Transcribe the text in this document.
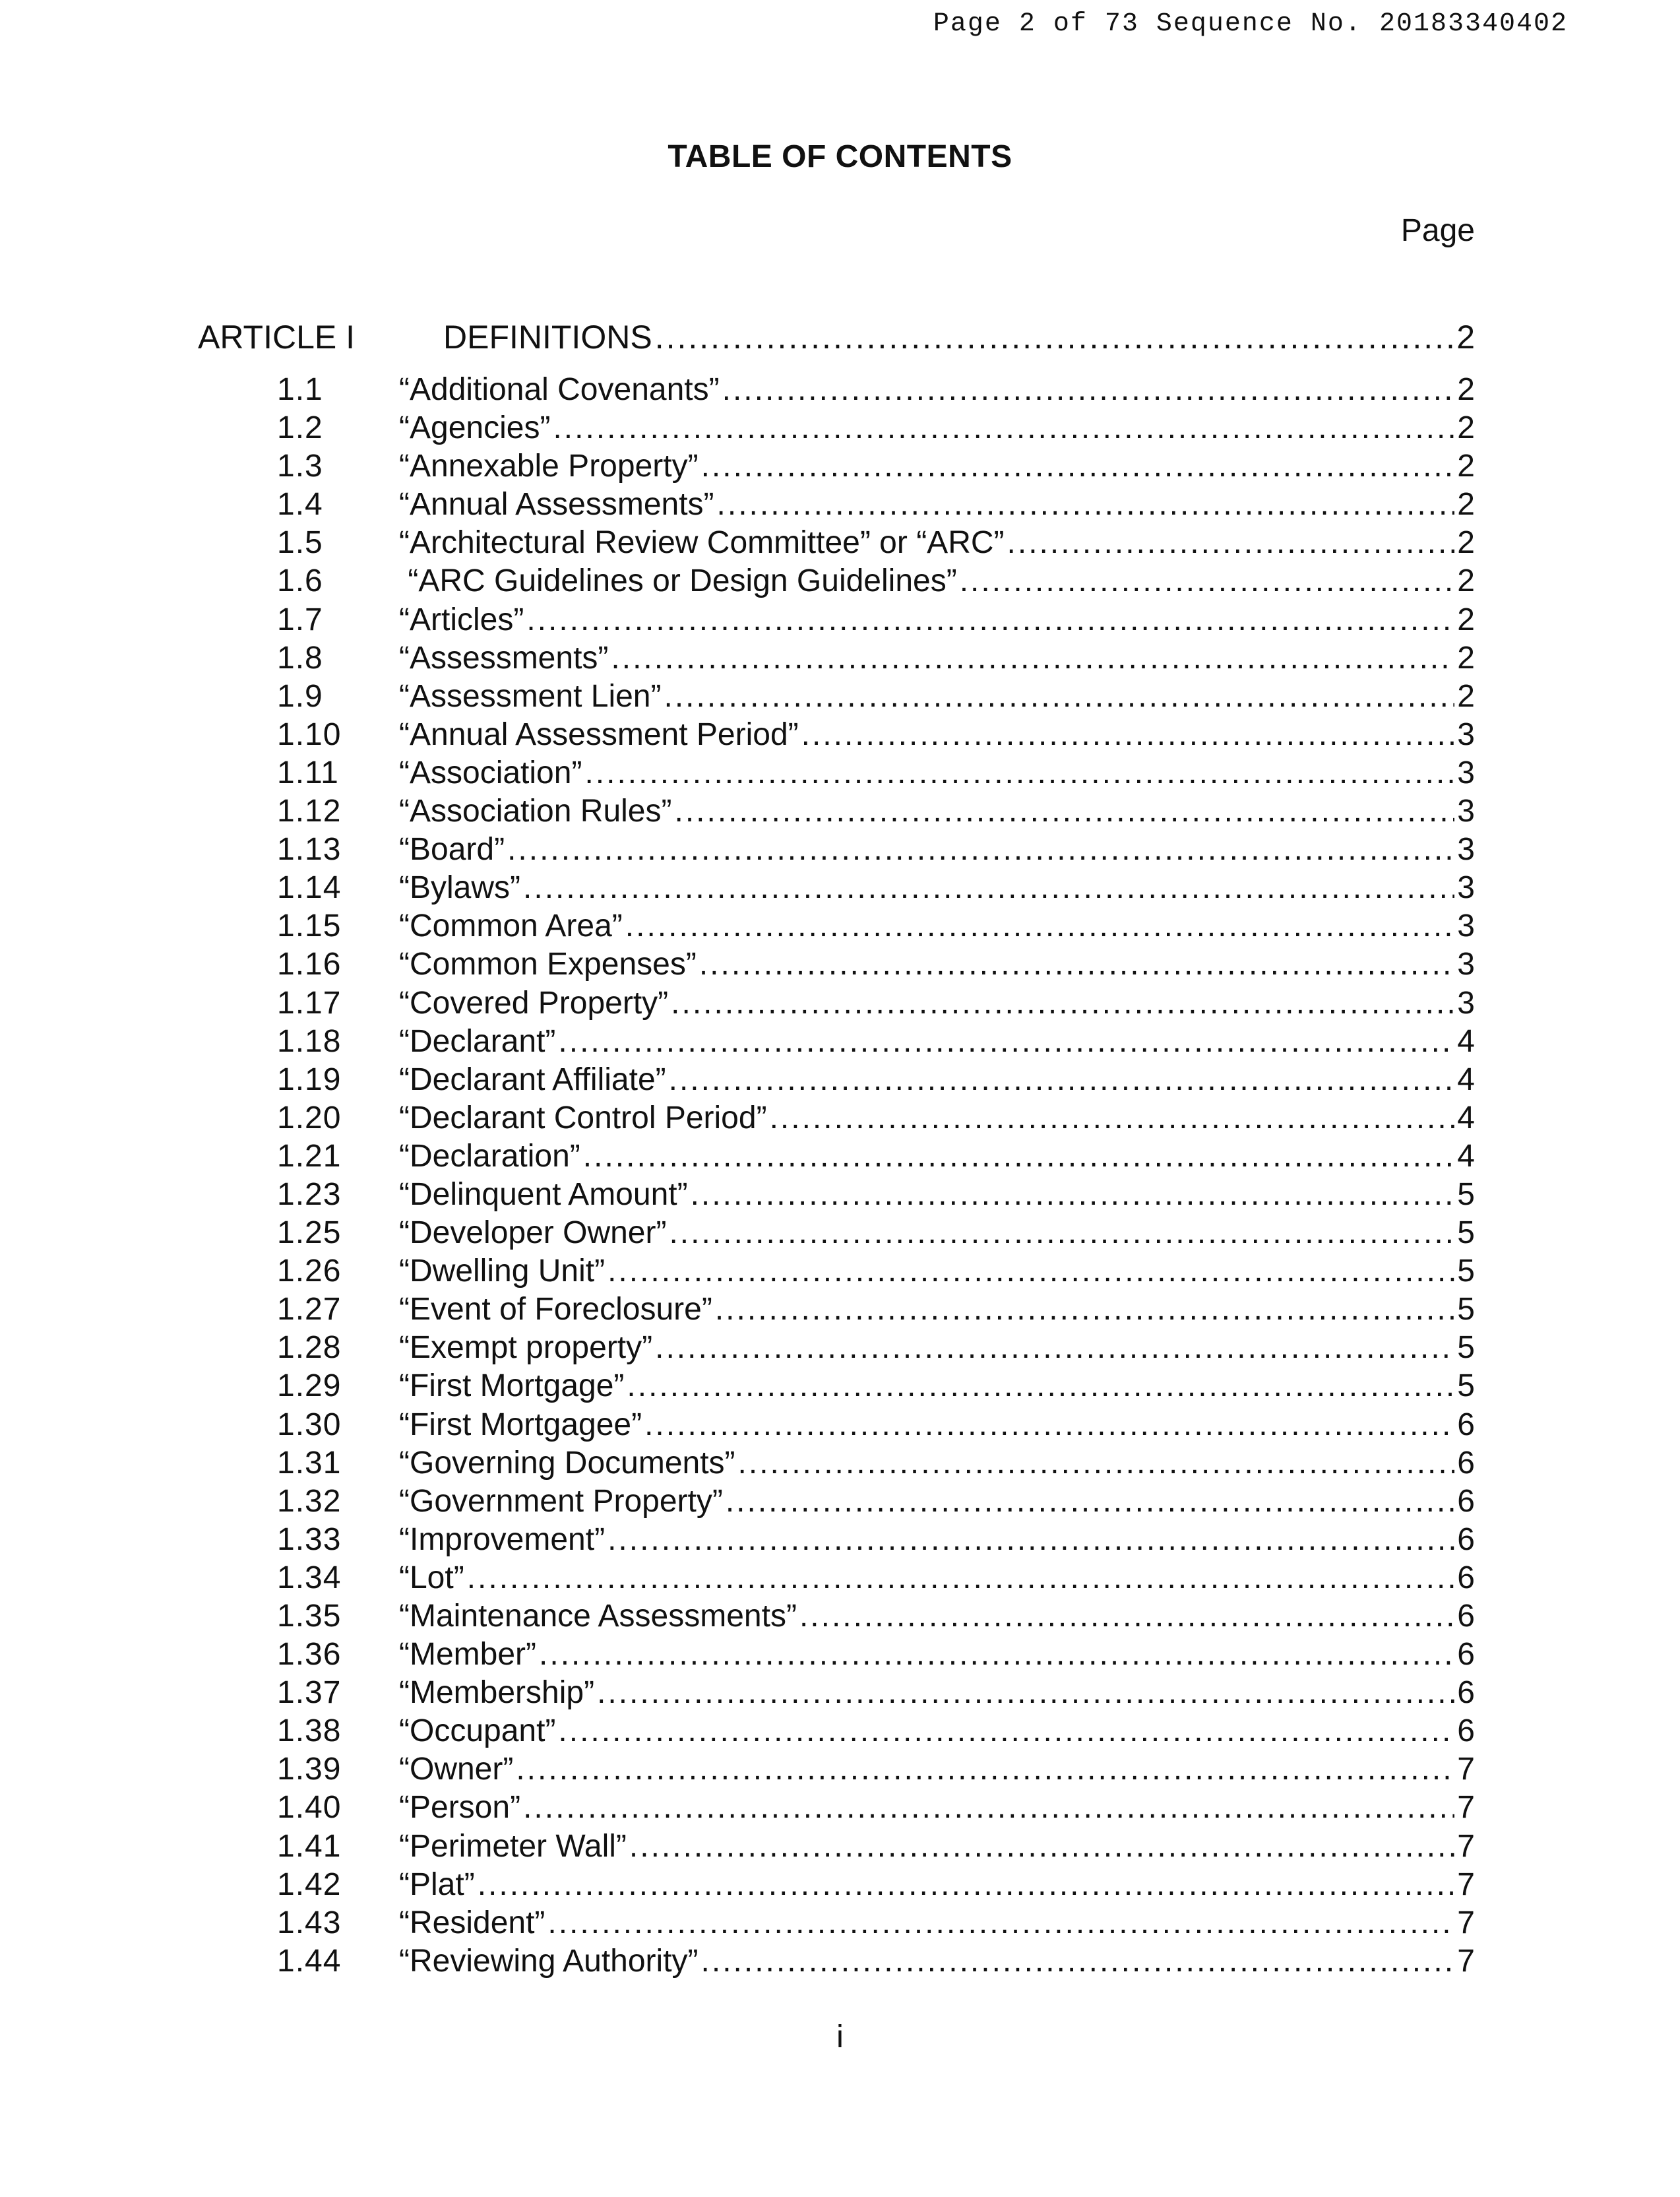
Page 2 of 73 Sequence No. 20183340402
TABLE OF CONTENTS
Page
ARTICLE I	DEFINITIONS .....	2
1.1	“Additional Covenants” .....	2
1.2	“Agencies” .....	2
1.3	“Annexable Property” .....	2
1.4	“Annual Assessments” .....	2
1.5	“Architectural Review Committee” or “ARC” .....	2
1.6	“ARC Guidelines or Design Guidelines” .....	2
1.7	“Articles” .....	2
1.8	“Assessments” .....	2
1.9	“Assessment Lien” .....	2
1.10	“Annual Assessment Period” .....	3
1.11	“Association” .....	3
1.12	“Association Rules” .....	3
1.13	“Board” .....	3
1.14	“Bylaws” .....	3
1.15	“Common Area” .....	3
1.16	“Common Expenses” .....	3
1.17	“Covered Property” .....	3
1.18	“Declarant” .....	4
1.19	“Declarant Affiliate” .....	4
1.20	“Declarant Control Period” .....	4
1.21	“Declaration” .....	4
1.23	“Delinquent Amount” .....	5
1.25	“Developer Owner” .....	5
1.26	“Dwelling Unit” .....	5
1.27	“Event of Foreclosure” .....	5
1.28	“Exempt property” .....	5
1.29	“First Mortgage” .....	5
1.30	“First Mortgagee” .....	6
1.31	“Governing Documents” .....	6
1.32	“Government Property” .....	6
1.33	“Improvement” .....	6
1.34	“Lot” .....	6
1.35	“Maintenance Assessments” .....	6
1.36	“Member” .....	6
1.37	“Membership” .....	6
1.38	“Occupant” .....	6
1.39	“Owner” .....	7
1.40	“Person” .....	7
1.41	“Perimeter Wall” .....	7
1.42	“Plat” .....	7
1.43	“Resident” .....	7
1.44	“Reviewing Authority” .....	7
i
